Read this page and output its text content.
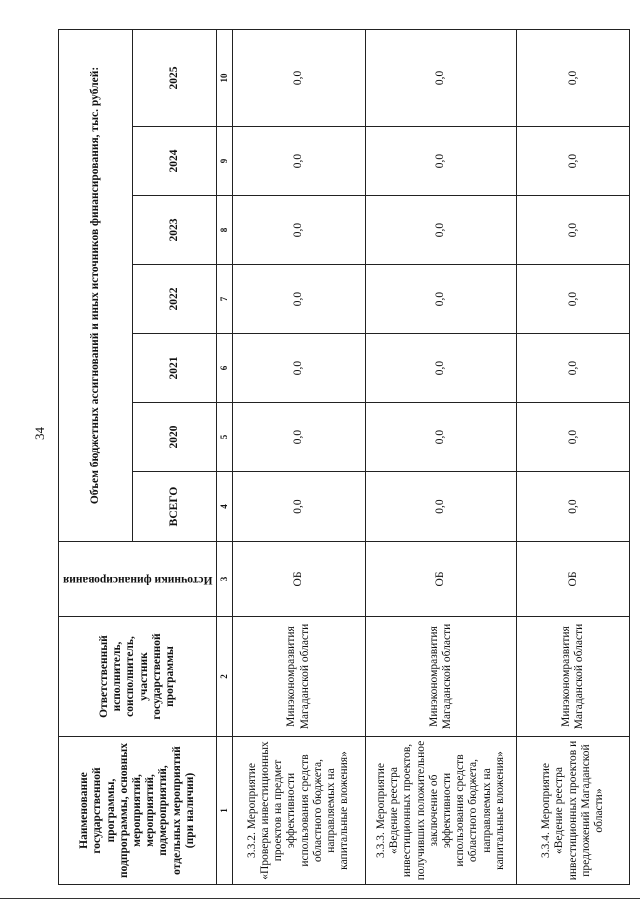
34
Наименование государственной программы, подпрограммы, основных мероприятий, мероприятий, подмероприятий, отдельных мероприятий (при наличии)	Ответственный исполнитель, соисполнитель, участник государственной программы	Источники финансирования	Объем бюджетных ассигнований и иных источников финансирования, тыс. рублей:						
			ВСЕГО	2020	2021	2022	2023	2024	2025
1	2	3	4	5	6	7	8	9	10
3.3.2. Мероприятие «Проверка инвестиционных проектов на предмет эффективности использования средств областного бюджета, направляемых на капитальные вложения»	Минэкономразвития Магаданской области	ОБ	0,0	0,0	0,0	0,0	0,0	0,0	0,0
3.3.3. Мероприятие «Ведение реестра инвестиционных проектов, получивших положительное заключение об эффективности использования средств областного бюджета, направляемых на капитальные вложения»	Минэкономразвития Магаданской области	ОБ	0,0	0,0	0,0	0,0	0,0	0,0	0,0
3.3.4. Мероприятие «Ведение реестра инвестиционных проектов и предложений Магаданской области»	Минэкономразвития Магаданской области	ОБ	0,0	0,0	0,0	0,0	0,0	0,0	0,0
